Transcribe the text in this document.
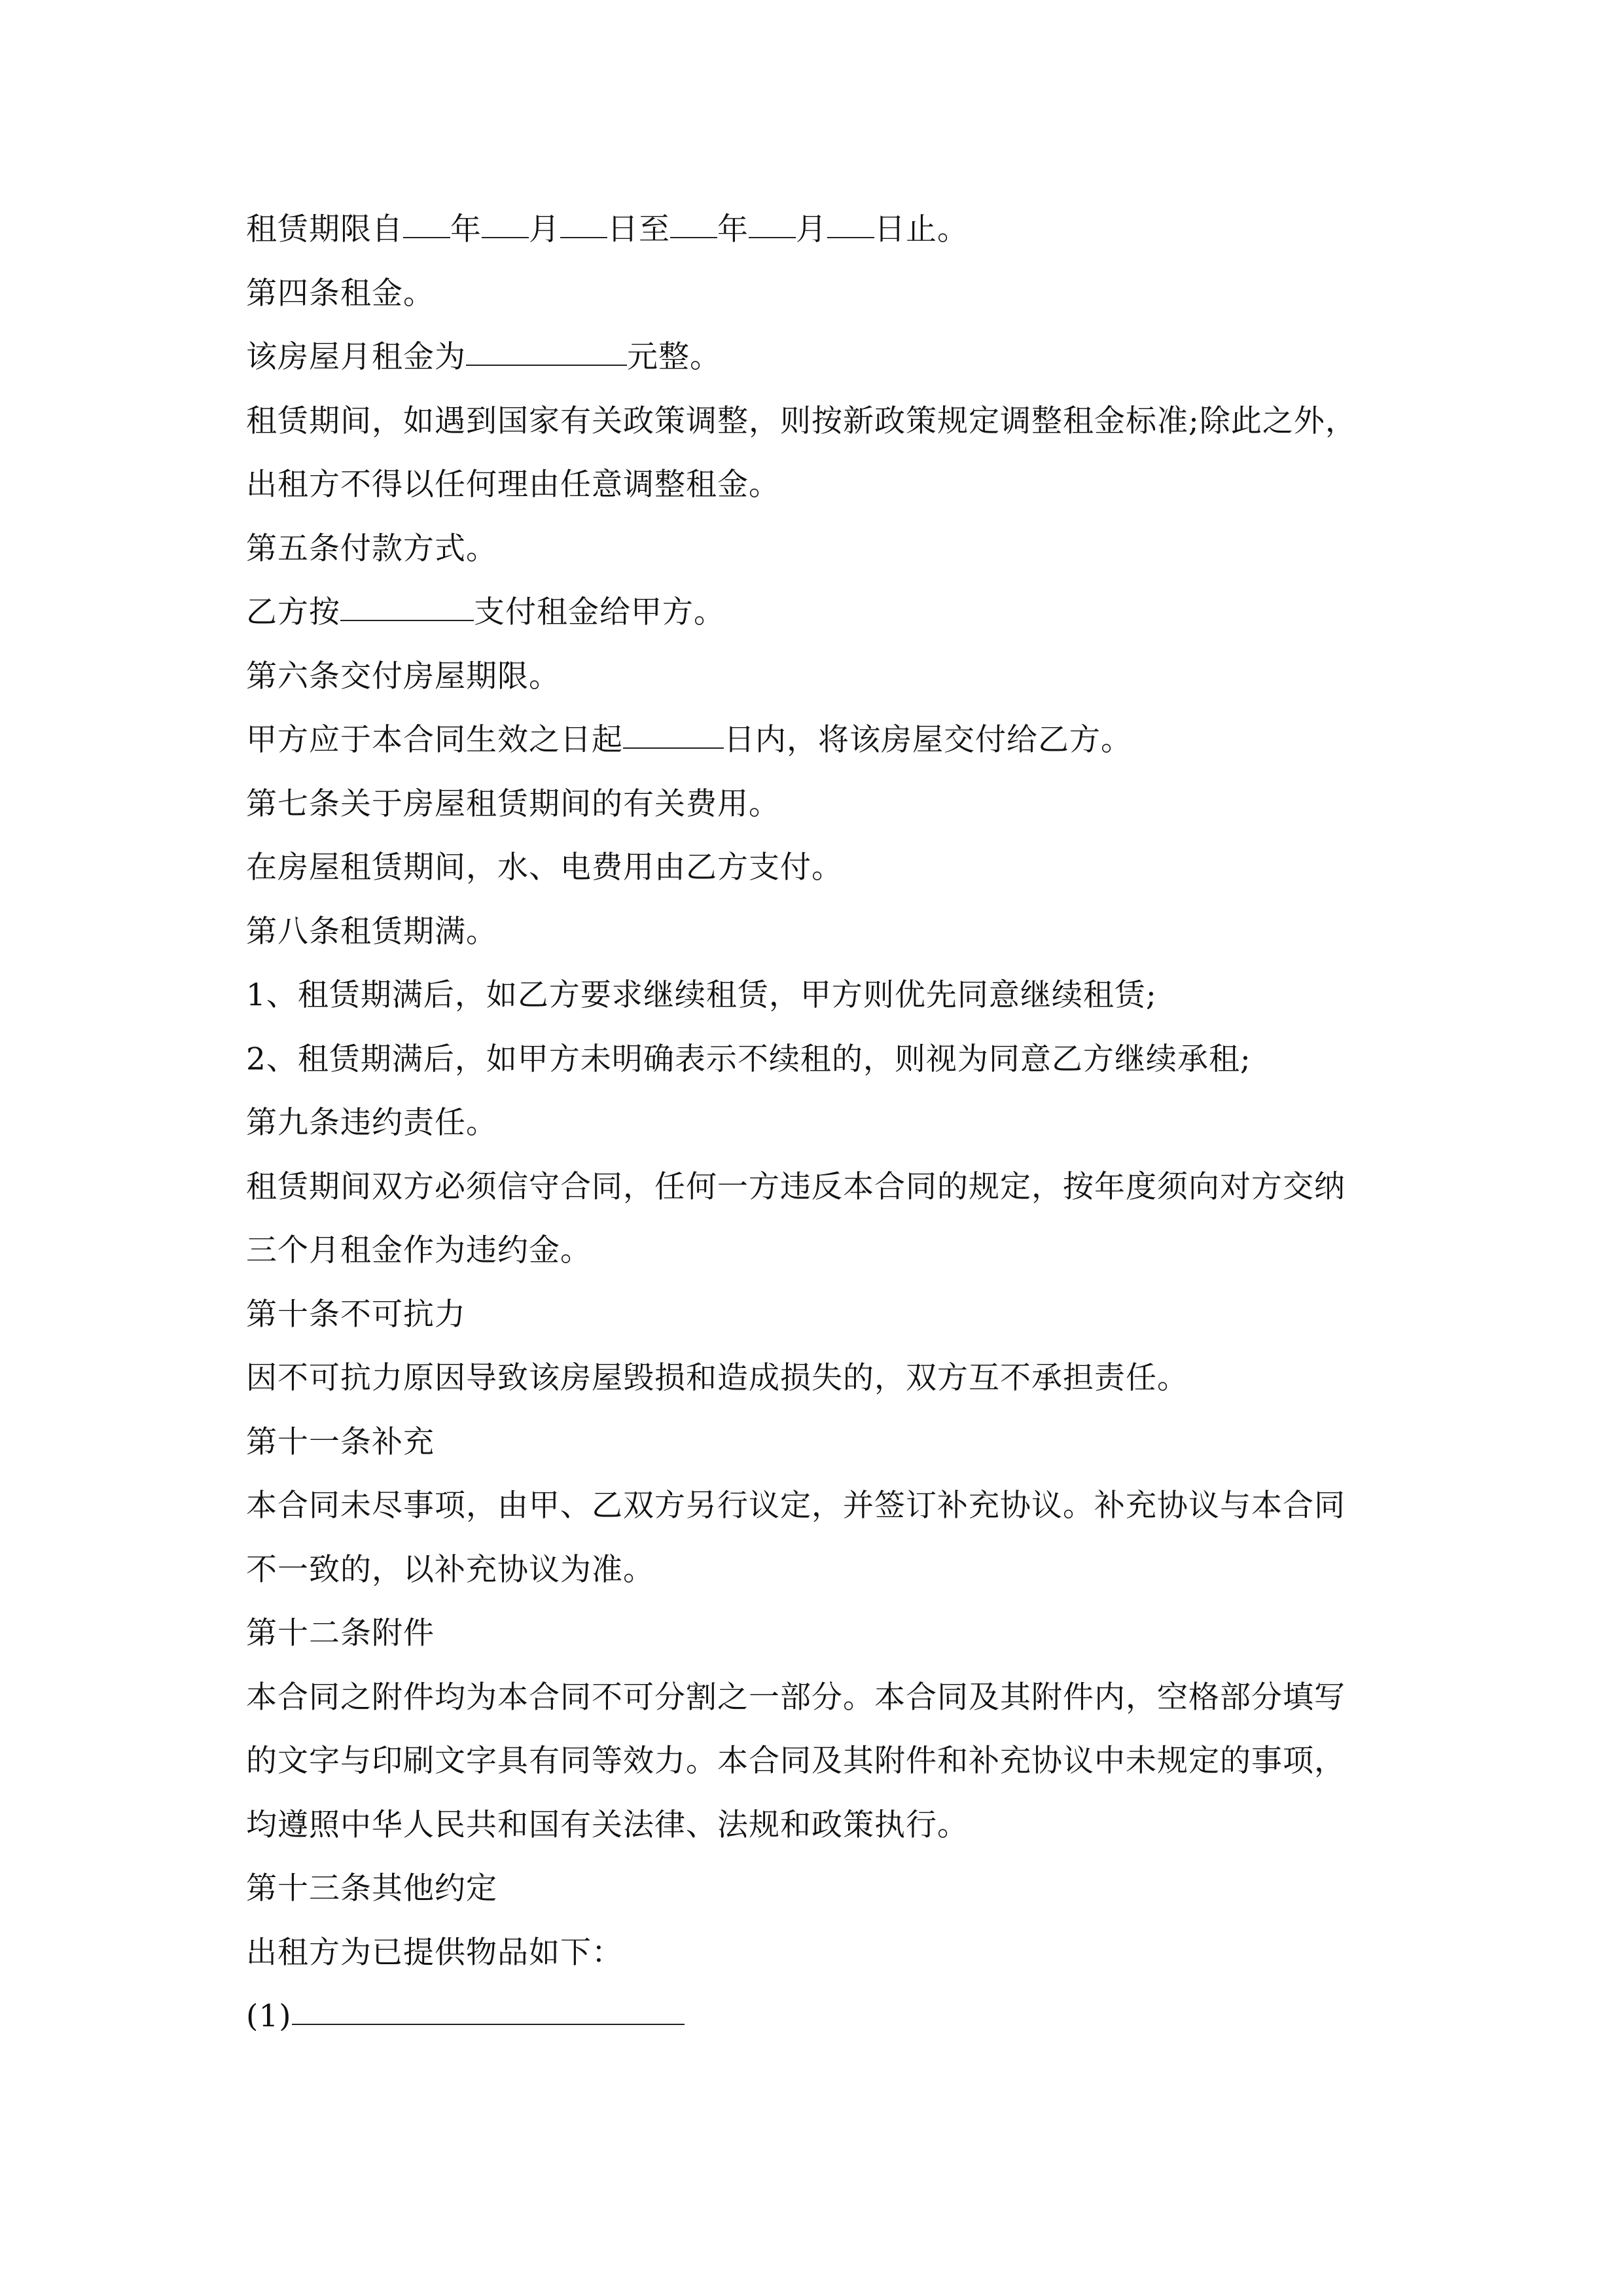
租赁期限自 年 月 日至 年 月 日止。
第四条租金。
该房屋月租金为	元整。
租赁期间，如遇到国家有关政策调整，则按新政策规定调整租金标准;除此之外，
出租方不得以任何理由任意调整租金。
第五条付款方式。
乙方按	支付租金给甲方。
第六条交付房屋期限。
甲方应于本合同生效之日起	日内，将该房屋交付给乙方。
第七条关于房屋租赁期间的有关费用。
在房屋租赁期间，水、电费用由乙方支付。
第八条租赁期满。
1、租赁期满后，如乙方要求继续租赁，甲方则优先同意继续租赁;
2、租赁期满后，如甲方未明确表示不续租的，则视为同意乙方继续承租;
第九条违约责任。
租赁期间双方必须信守合同，任何一方违反本合同的规定，按年度须向对方交纳
三个月租金作为违约金。
第十条不可抗力
因不可抗力原因导致该房屋毁损和造成损失的，双方互不承担责任。
第十一条补充
本合同未尽事项，由甲、乙双方另行议定，并签订补充协议。补充协议与本合同
不一致的，以补充协议为准。
第十二条附件
本合同之附件均为本合同不可分割之一部分。本合同及其附件内，空格部分填写
的文字与印刷文字具有同等效力。本合同及其附件和补充协议中未规定的事项，
均遵照中华人民共和国有关法律、法规和政策执行。
第十三条其他约定
出租方为已提供物品如下：
(1)
